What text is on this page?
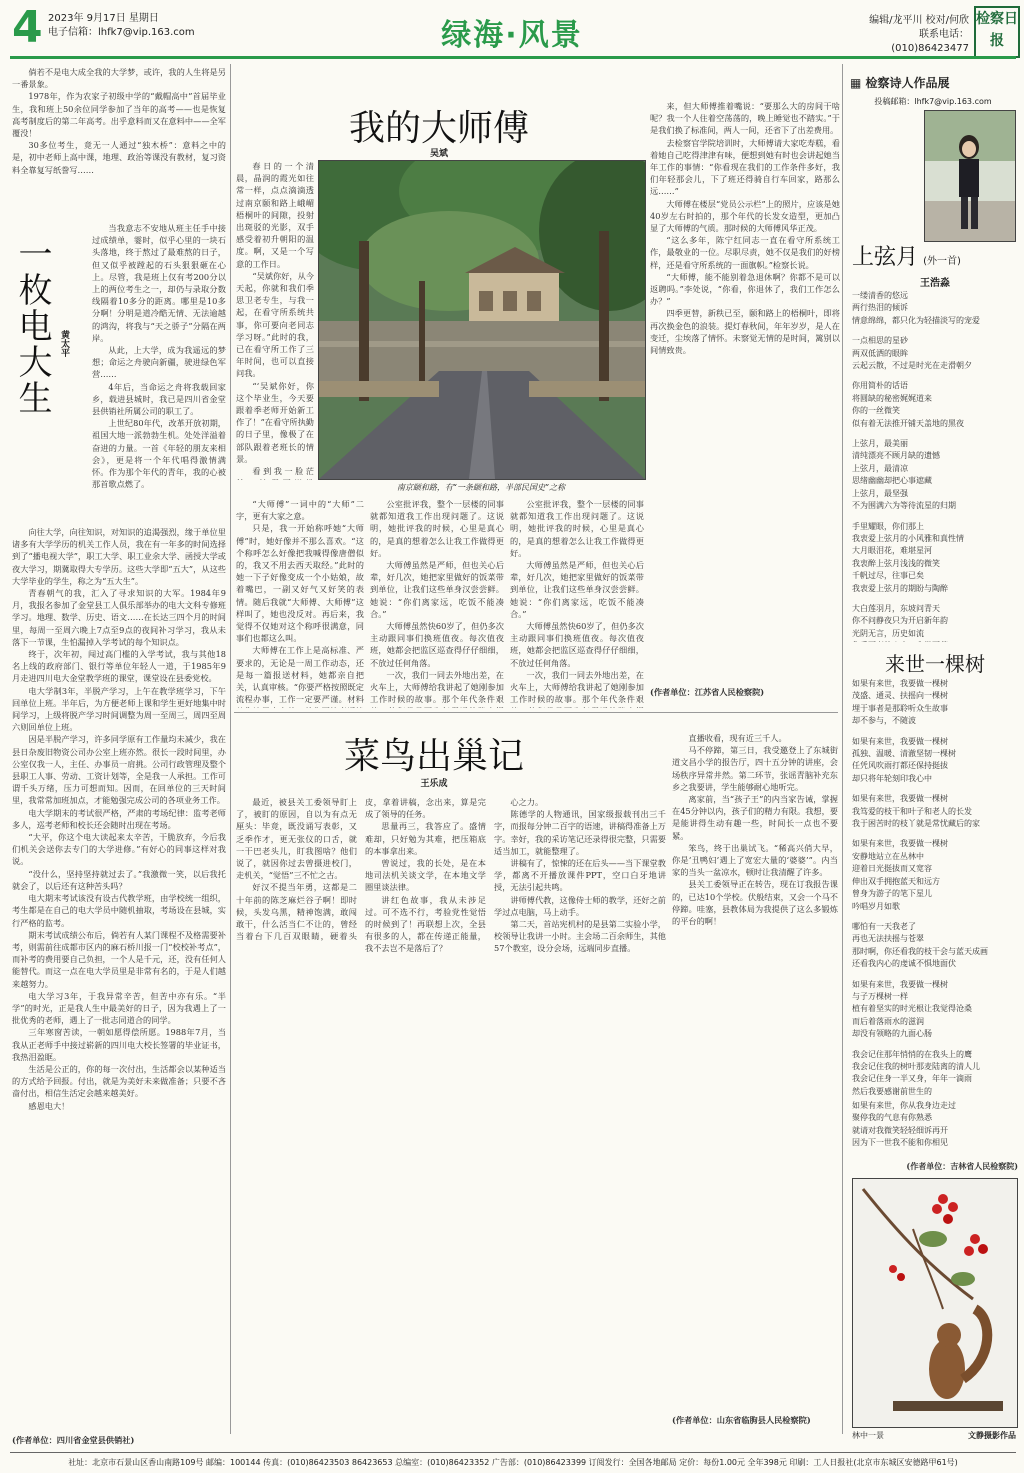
4 2023年 9月17日 星期日
电子信箱：lhfk7@vip.163.com	绿海·风景	编辑/龙平川 校对/何欣
联系电话：(010)86423477
检察日报

倘若不是电大成全我的大学梦，或许，我的人生将是另一番景象。

1978年，作为农家子初级中学的“戴帽高中”首届毕业生，我和班上50余位同学参加了当年的高考——也是恢复高考制度后的第二年高考。出乎意料而又在意料中——全军覆没！

30多位考生，竟无一人通过“独木桥”：意料之中的是，初中老师上高中课，地理、政治等课没有教材，复习资料全靠复写纸誊写……

一枚电大生 黄太平

当我意志不安地从班主任手中接过成绩单，霎时，似乎心里的一块石头落地，终于熬过了最难熬的日子，但又似乎被蹚起的石头狠狠砸在心上。尽管，我是班上仅有考200分以上的两位考生之一，却仍与录取分数线隔着10多分的距离。哪里是10多分啊！分明是道冷酷无情、无法逾越的鸿沟，将我与“天之骄子”分隔在两岸。

从此，上大学，成为我遥远的梦想；命运之舟驶向新疆，驶进绿色军营……

4年后，当命运之舟将我载回家乡，载进县城时，我已是四川省金堂县供销社所属公司的职工了。

上世纪80年代，改革开放初期，祖国大地一派勃勃生机。处处洋溢着奋进的力量。一首《年轻的朋友来相会》，更是将一个年代唱得激情满怀。作为那个年代的青年，我的心被那首歌点燃了。

向往大学，向往知识，对知识的追渴强烈，缘于单位里诸多有大学学历的机关工作人员，我在有一年多的时间选择到了“播电视大学”，职工大学、职工业余大学、函授大学或夜大学习，期冀取得大专学历。这些大学即“五大”，从这些大学毕业的学生，称之为“五大生”。

青春朝气的我，汇入了寻求知识的大军。1984年9月，我报名参加了金堂县工人俱乐部举办的电大文科专修班学习。地理、数学、历史、语文……在长达三四个月的时间里，每周一至周六晚上7点至9点的夜间补习学习，我从未落下一节课，生怕漏掉入学考试的每个知识点。

终于，次年初，闯过高门槛的入学考试，我与其他18名上线的政府部门、银行等单位年轻人一道，于1985年9月走进四川电大金堂教学班的课堂，课堂设在县委党校。

电大学制3年，半脱产学习，上午在教学班学习，下午回单位上班。半年后，为方便老师上课和学生更好地集中时间学习，上级将脱产学习时间调整为周一至周三，周四至周六则回单位上班。

因是半脱产学习，许多同学原有工作量均未减少，我在县日杂废旧物资公司办公室上班亦然。很长一段时间里，办公室仅我一人，主任、办事员一肩挑。公司行政管理及整个县职工人事、劳动、工资计划等，全是我一人承担。工作可谓千头万绪，压力可想而知。因而，在回单位的三天时间里，我常常加班加点，才能勉强完成公司的各项业务工作。

电大学期末的考试很严格，严肃的考场纪律：监考老师多人，巡考老师和校长还会随时出现在考场。

“大平，你这个电大读起来太辛苦，干脆放弃，今后我们机关会送你去专门的大学进修。”有好心的同事这样对我说。

“没什么，坚持坚持就过去了。”我激微一笑，以后我托就会了，以后还有这种苦头吗？

电大期末考试该没有设古代教学班，由学校统一组织，考生都是在自己的电大学员中随机抽取，考场设在县城，实行严格的监考。

期末考试成绩公布后，倘若有人某门课程不及格需要补考，则需前往成都市区内的麻石桥川报一门“校校补考点”，而补考的费用要自己负担，一个人是千元，还，没有任何人能替代。而这一点在电大学员里是非常有名的，于是人们越来越努力。

电大学习3年，于我异常辛苦，但苦中亦有乐。“半学”的时光，正是我人生中最美好的日子，因为我遇上了一批优秀的老师，遇上了一批志同道合的同学。

三年寒窗苦读，一朝如愿得偿所愿。1988年7月，当我从正老师手中接过崭新的四川电大校长签署的毕业证书，我热泪盈眶。

生活是公正的，你的每一次付出，生活都会以某种适当的方式给予回报。付出，就是为美好未来做准备；只要不吝啬付出，相信生活定会越来越美好。

感恩电大！

(作者单位：四川省金堂县供销社)
我的大师傅
吴斌
南京颐和路，有“一条颐和路，半部民国史”之称

来，但大师傅推着嘴说：“要那么大的房间干啥呢？我一个人住着空荡荡的，晚上睡觉也不踏实。”于是我们换了标准间，两人一间，还省下了出差费用。

去检察官学院培训时，大师傅请大家吃寿糕，看着她自己吃得津津有味，便想到她有时也会讲起她当年工作的事情：“你看现在我们的工作条件多好，我们年轻那会儿，下了班还得骑自行车回家，路那么远……”

大师傅在楼层“党员公示栏”上的照片，应该是她40岁左右时拍的，那个年代的长发女造型，更加凸显了大师傅的气质。那时候的大师傅风华正茂。

“这么多年，陈宁红同志一直在看守所系统工作，最敬业的一位。尽职尽责，她不仅是我们的好榜样，还是看守所系统的一面旗帜。”检察长说。

“大师傅，能不能别着急退休啊？你都不是可以返聘吗。”李处说，“你看，你退休了，我们工作怎么办？”

四季更替，新秩已至，颐和路上的梧桐叶，即将再次换金色的浪装。提灯春秋间，年年岁岁，是人在变迁，尘埃落了情怀。未察觉无情的是时间，篱别以间情致贵。

春日的一个清晨，晶润的霞光如往常一样，点点滴滴透过南京颐和路上峨嵋梧桐叶的间隙，投射出斑驳的光影，双手感受着初升朝阳的温度。啊，又是一个写意的工作日。

“吴斌你好，从今天起，你就和我们季思卫老专生，与我一起，在看守所系统共事，你可要向老同志学习呀。”此时的我，已在看守所工作了三年时间，也可以直接问我。

“‘吴斌你好，你这个毕业生，今天要跟着季老师开始新工作了！”在看守所执勤的日子里，像极了在部队跟着老班长的情景。

看到我一脸茫

“大师傅”一词中的“大师”二字，更有大家之意。

只是，我一开始称呼她“大师傅”时，她好像并不那么喜欢。“这个称呼怎么好像把我喊得像唐僧似的，我又不用去西天取经。”此时的她一下子好像变成一个小姑娘，故着嘴巴，一副又好气又好笑的表情。随后我就“大师傅、大师傅”这样叫了，她也没反对。再后来，我觉得不仅她对这个称呼很满意，同事们也都这么叫。

大师傅在工作上是高标准、严要求的，无论是一周工作动态，还是每一篇报送材料，她都亲自把关，认真审核。“你要严格按照既定流程办事，工作一定要严谨。材料

公室批评我，整个一层楼的同事就都知道我工作出现问题了。这说明，她批评我的时候，心里是真心的，是真的想着怎么让我工作做得更好。

大师傅虽然是严师，但也关心后辈，好几次，她把家里做好的饭菜带到单位，让我们这些单身汉尝尝鲜。她说：“你们离家远，吃饭不能凑合。”

大师傅虽然快60岁了，但仍多次主动跟同事们换班值夜。每次值夜班，她都会把监区巡查得仔仔细细，不放过任何角落。

一次，我们一同去外地出差，在火车上，大师傅给我讲起了她刚参加工作时候的故事。那个年代条件艰

公室批评我，整个一层楼的同事就都知道我工作出现问题了。这说明，她批评我的时候，心里是真心的，是真的想着怎么让我工作做得更好。

大师傅虽然是严师，但也关心后辈，好几次，她把家里做好的饭菜带到单位，让我们这些单身汉尝尝鲜。她说：“你们离家远，吃饭不能凑合。”

大师傅虽然快60岁了，但仍多次主动跟同事们换班值夜。每次值夜班，她都会把监区巡查得仔仔细细，不放过任何角落。

一次，我们一同去外地出差，在火车上，大师傅给我讲起了她刚参加工作时候的故事。那个年代条件艰

(作者单位：江苏省人民检察院)
菜鸟出巢记
王乐成

最近，被县关工委领导盯上了，被盯的原因，自以为有点无厘头：毕竟，既没诵写表彰，又乏季作才，更无张仪的口舌，就一干巴老头儿，盯我图啥？他们说了，就因你过去曾摄进校门，走机关，“觉悟”三不忙之古。

好汉不提当年勇，这都是二十年前的陈芝麻烂谷子啊！即时候，头发乌黑，精神饱满，敢闯敢干，什么活当仁不让的，曾经当着台下几百双眼睛，硬着头皮，拿着讲稿，念出来，算是完成了领导的任务。

思量再三，我答应了。盛情难却，只好勉为其难，把压箱底的本事拿出来。

曾说过，我的长处，是在本地司法机关谈文学，在本地文学圈里谈法律。

讲红色故事，我从未涉足过。可不选不行，考验党性觉悟的时候到了！再联想上次，全县有很多的人，都在传递正能量，我不去岂不是落后了？

心之力。

陈德学的人物通讯，国家级报载刊出三千字，而报每分钟二百字的语速，讲稿得准备上万字。幸好，我的采访笔记还录得很完整，只需要适当加工，就能整理了。

讲稿有了，惊悚的还在后头——当下课堂教学，都离不开播放课件PPT，空口白牙地讲授，无法引起共鸣。

讲师傅代教，这像侍士师的教学，还好之前学过点电脑，马上动手。

第二天，首站宪机村的是县第二实验小学，校领导让我讲一小时。主会场二百余师生，其他57个教室，设分会场，远端同步直播。

直播收看，现有近三千人。

马不停蹄，第三日，我受邀登上了东城街道文昌小学的报告厅，四十五分钟的讲座，会场秩序异常井然。第二环节，张谣青脑补充东乡之我要讲，学生能够耐心地听完。

离家前，当“孩子王”的内当家告诫，掌握在45分钟以内，孩子们的精力有限。我想，要是能讲得生动有趣一些，时间长一点也不要紧。

笨鸟，终于出巢试飞。“稀高兴俏大早，你是‘丑鸭妇’遇上了宽宏大量的‘婆婆’”。内当家的当头一盆凉水，顿时让我清醒了许多。

县关工委领导正在转告，现在订我报告课的，已达10个学校。伏般结束，又会一个马不停蹄。哇塞，县教体局为我提供了这么多锻炼的平台的啊！

(作者单位：山东省临朐县人民检察院)
▦ 检察诗人作品展
投稿邮箱：lhfk7@vip.163.com
上弦月 (外一首)
王浩淼
一缕清香的悠远
两行热泪的倾诉
情意绵绵，都只化为轻描淡写的宠爱
一点相思的星砂
两双低洒的眼眸
云起云散，不过是时光在走滑朝夕
你用简朴的话语
将圆缺的秘密娓娓道来
你的一丝微笑
似有着无法推开铺天盖地的黑夜
上弦月，最美丽
清纯漂亮不顾月缺的遗憾
上弦月，最清凉
思绪幽幽却把心事遮藏
上弦月，最坚强
不为围满六为等待流星的归期
手里耀眼，你们那上
我衷爱上弦月的小风雅和真性情
大月眼泪花，难堪星河
我衷醉上弦月浅浅的微笑
千帆过尽，往事已矣
我衷爱上弦月的期盼与陶醉
大白莲羽月，东坡问青天
你不问静夜只为开启新年韵
光阴无言，历史如流
来世一棵树
如果有来世，我要做一棵树
茂盛、通灵、扶摇向一棵树
埋于事者是那聆听众生故事
却不参与，不随波
如果有来世，我要做一棵树
孤独、温暖、清澈坚韧一棵树
任凭风吹雨打都还保持挺拔
却只将年轮刻印我心中
如果有来世，我要做一棵树
我笃爱的枝干和叶子和老人的长发
我于困苦时的枝丫就是常忧藏后的家
如果有来世，我要做一棵树
安静地站立在丛林中
迎着日光挺拔而又宽容
伸出双手拥抱蓝天和远方
曾身为游子的笔下星儿
吟唱岁月如歌
哪怕有一天我老了
再也无法扶摇与苍翠
那时啊，你还看我的枝干会与蓝天成画
还看我内心的虔诚不惧地面伏
如果有来世，我要做一棵树
与子万棵树一样
植有着坚实的时光根让我觉得沧桑
而后着落雨水的滋润
却没有领略的九面心肠
我会记住那年悄悄的在我头上的鹰
我会记住我的树叶那麦陆离的清人儿
我会记住身一半又身，年年一滴雨
然后我要感谢前世生的
如果有来世，你从我身边走过
聚停我的气息有你熟悉
就请对我微笑轻轻细诉再开
因为下一世我不能和你相见
(作者单位：吉林省人民检察院)
林中一景	文静摄影作品
社址：北京市石景山区香山南路109号 邮编：100144 传真：(010)86423503 86423653 总编室：(010)86423352 广告部：(010)86423399 订阅发行：全国各地邮局 定价：每份1.00元 全年398元 印刷：工人日报社(北京市东城区安德路甲61号)
